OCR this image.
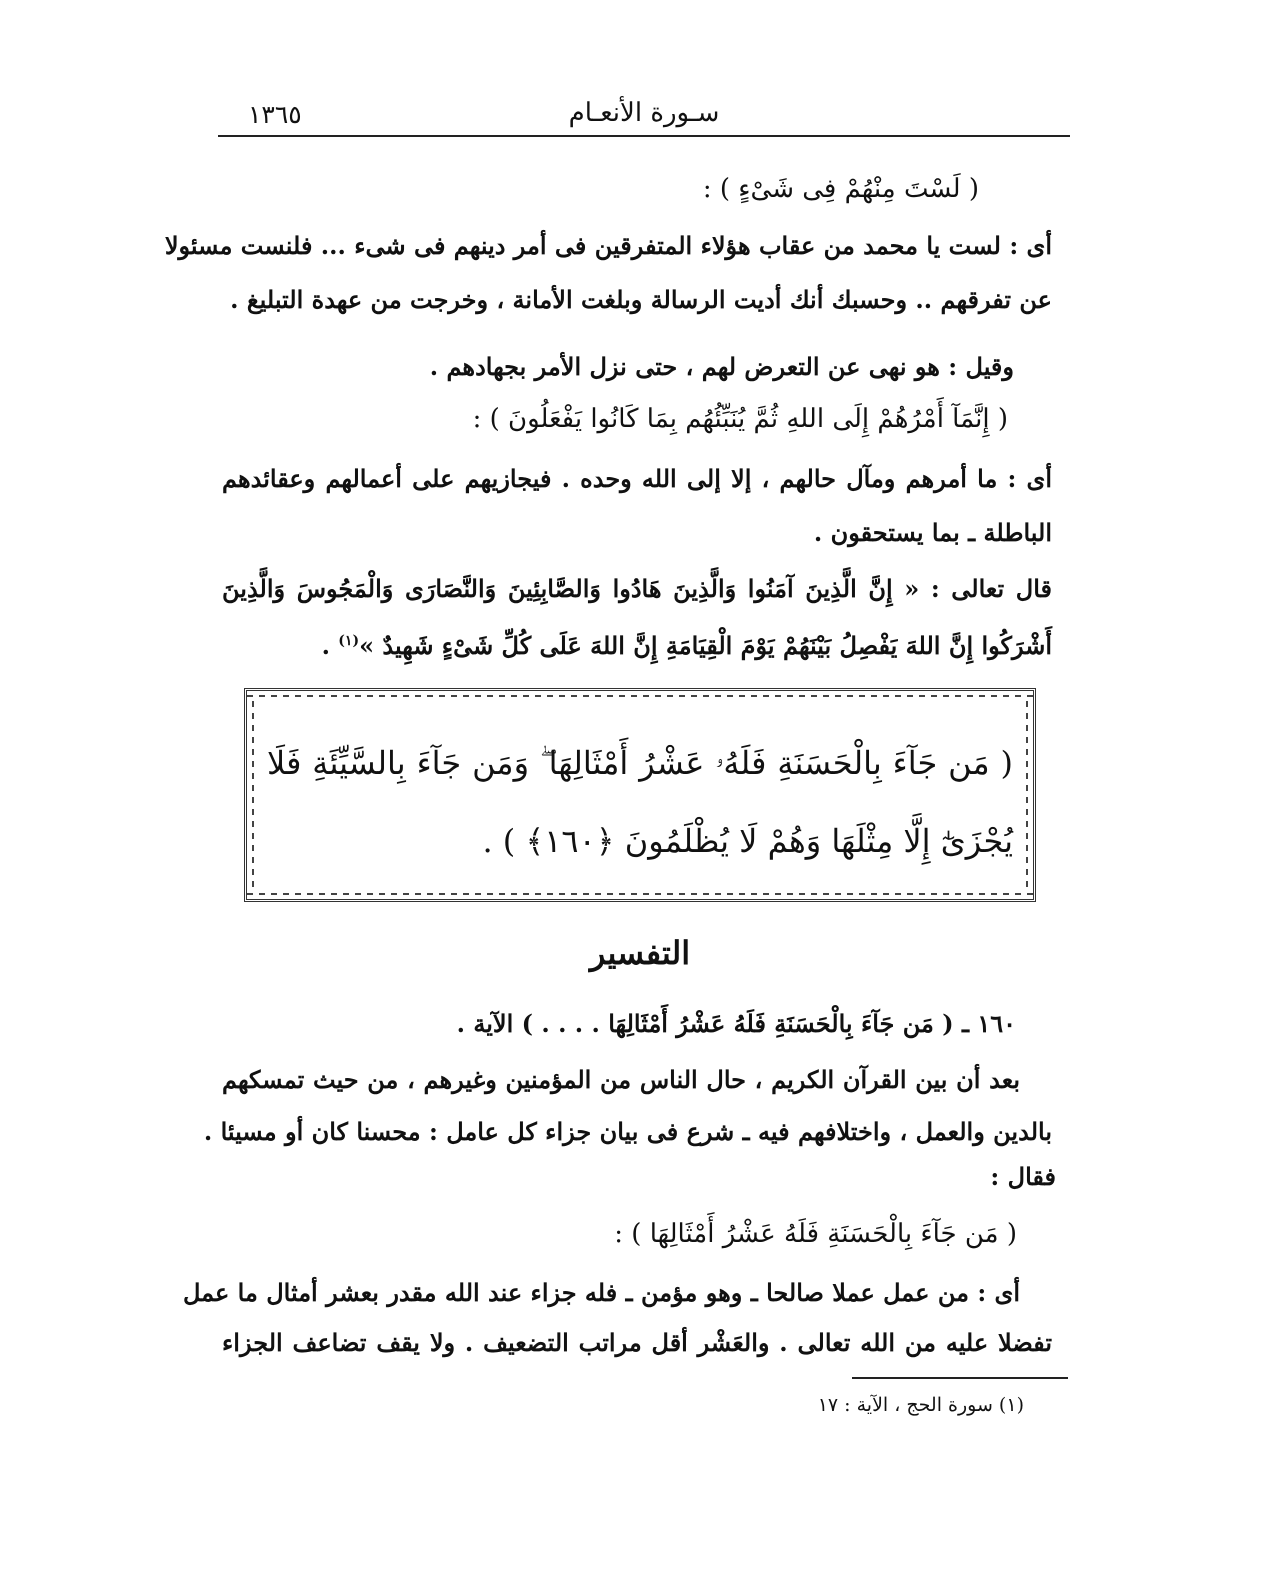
١٣٦٥	سـورة الأنعـام
( لَسْتَ مِنْهُمْ فِى شَىْءٍ ) :
أى : لست يا محمد من عقاب هؤلاء المتفرقين فى أمر دينهم فى شىء ... فلنست مسئولا
عن تفرقهم .. وحسبك أنك أديت الرسالة وبلغت الأمانة ، وخرجت من عهدة التبليغ .
وقيل : هو نهى عن التعرض لهم ، حتى نزل الأمر بجهادهم .
( إِنَّمَآ أَمْرُهُمْ إِلَى اللهِ ثُمَّ يُنَبِّئُهُم بِمَا كَانُوا يَفْعَلُونَ ) :
أى : ما أمرهم ومآل حالهم ، إلا إلى الله وحده . فيجازيهم على أعمالهم وعقائدهم
الباطلة ـ بما يستحقون .
قال تعالى : « إِنَّ الَّذِينَ آمَنُوا وَالَّذِينَ هَادُوا وَالصَّابِئِينَ وَالنَّصَارَى وَالْمَجُوسَ وَالَّذِينَ
أَشْرَكُوا إِنَّ اللهَ يَفْصِلُ بَيْنَهُمْ يَوْمَ الْقِيَامَةِ إِنَّ اللهَ عَلَى كُلِّ شَىْءٍ شَهِيدٌ »$^{(١)}$ .
( مَن جَآءَ بِالْحَسَنَةِ فَلَهُۥ عَشْرُ أَمْثَالِهَا ۖ وَمَن جَآءَ بِالسَّيِّئَةِ فَلَا
يُجْزَىٰٓ إِلَّا مِثْلَهَا وَهُمْ لَا يُظْلَمُونَ ﴿١٦٠﴾ ) .
التفسير
١٦٠ ـ ( مَن جَآءَ بِالْحَسَنَةِ فَلَهُ عَشْرُ أَمْثَالِهَا . . . . ) الآية .
بعد أن بين القرآن الكريم ، حال الناس من المؤمنين وغيرهم ، من حيث تمسكهم
بالدين والعمل ، واختلافهم فيه ـ شرع فى بيان جزاء كل عامل : محسنا كان أو مسيئا .
فقال :
( مَن جَآءَ بِالْحَسَنَةِ فَلَهُ عَشْرُ أَمْثَالِهَا ) :
أى : من عمل عملا صالحا ـ وهو مؤمن ـ فله جزاء عند الله مقدر بعشر أمثال ما عمل
تفضلا عليه من الله تعالى . والعَشْر أقل مراتب التضعيف . ولا يقف تضاعف الجزاء
(١) سورة الحج ، الآية : ١٧
